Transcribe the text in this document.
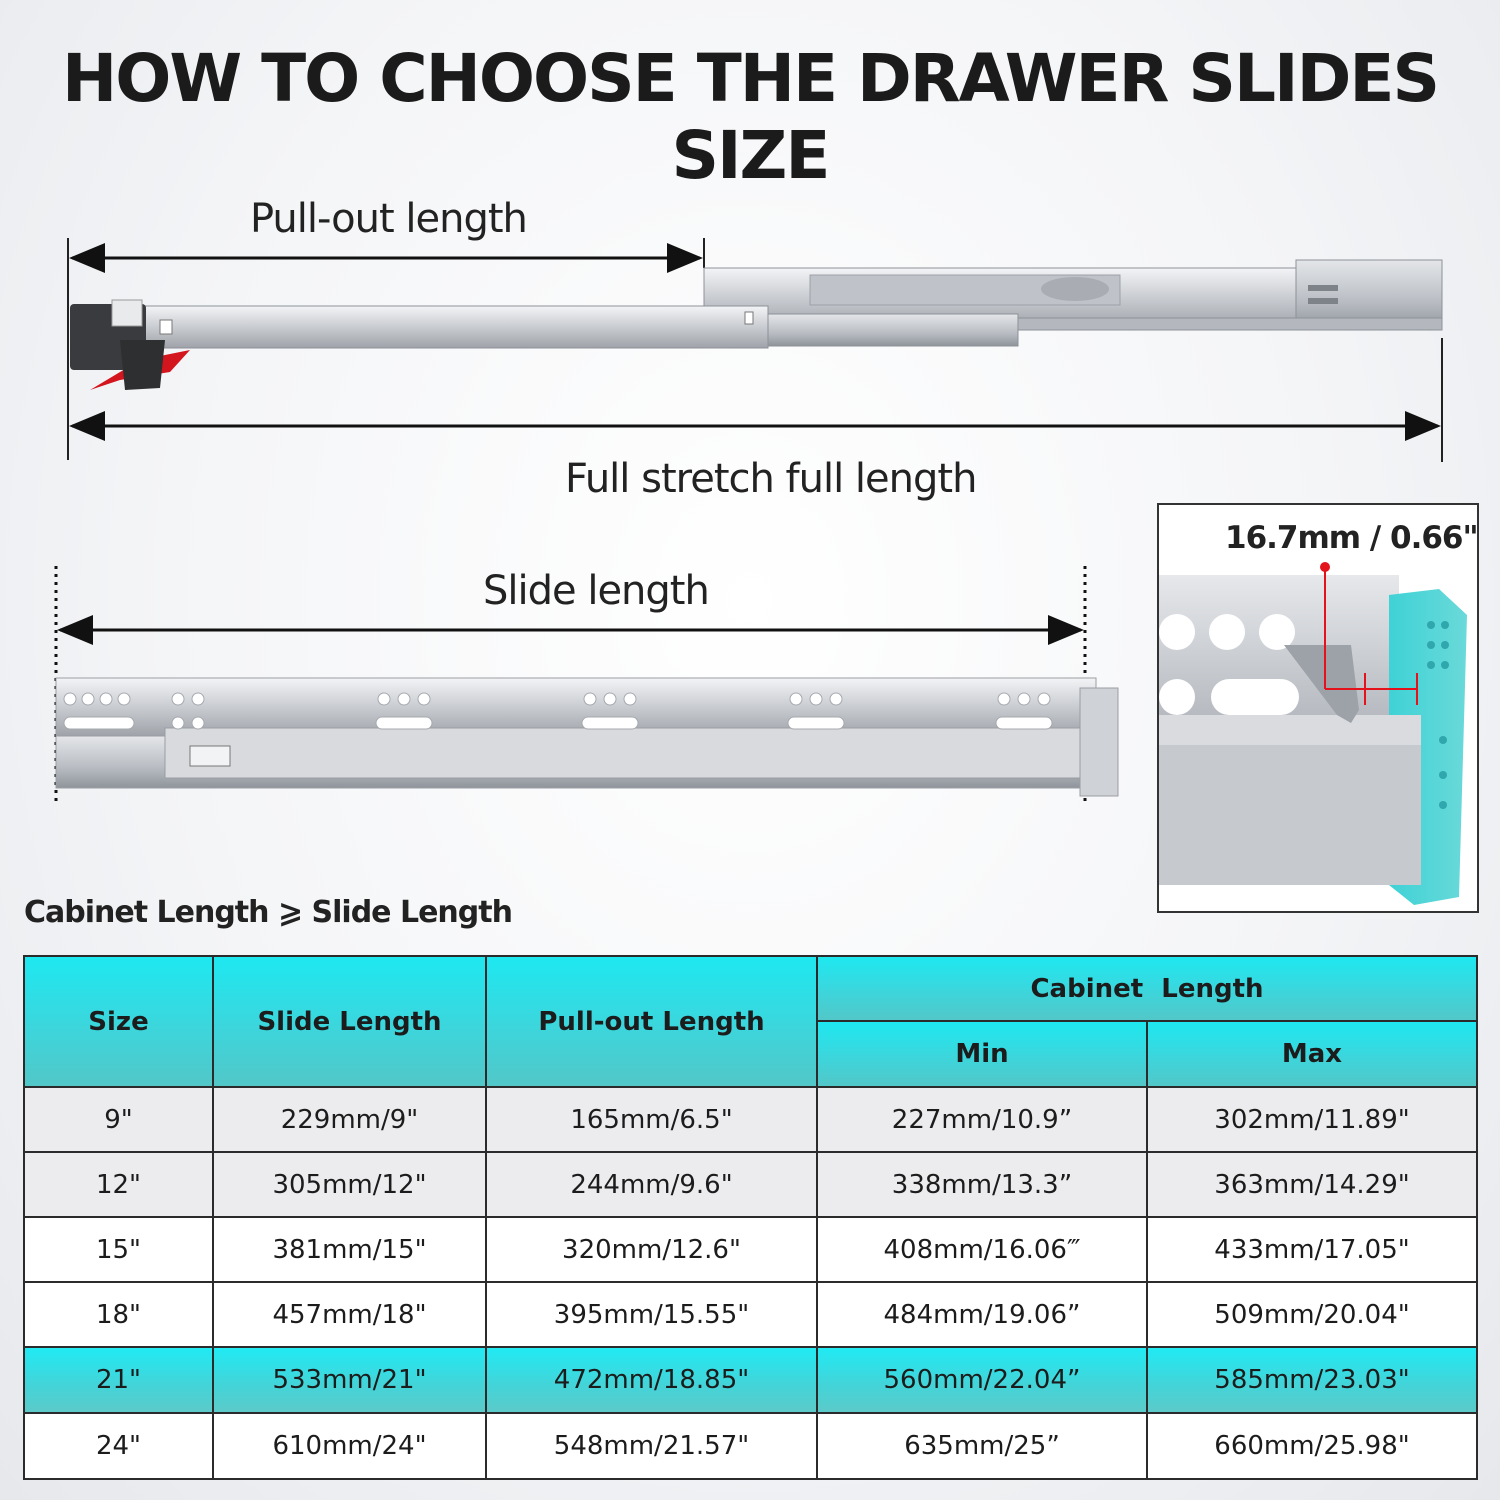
HOW TO CHOOSE THE DRAWER SLIDES SIZE
Pull-out length
Full stretch full length
Slide length
16.7mm / 0.66"
Cabinet Length ⩾ Slide Length
Size	Slide Length	Pull-out Length	Cabinet  Length	
			Min	Max
9"	229mm/9"	165mm/6.5"	227mm/10.9”	302mm/11.89"
12"	305mm/12"	244mm/9.6"	338mm/13.3”	363mm/14.29"
15"	381mm/15"	320mm/12.6"	408mm/16.06‴	433mm/17.05"
18"	457mm/18"	395mm/15.55"	484mm/19.06”	509mm/20.04"
21"	533mm/21"	472mm/18.85"	560mm/22.04”	585mm/23.03"
24"	610mm/24"	548mm/21.57"	635mm/25”	660mm/25.98"
